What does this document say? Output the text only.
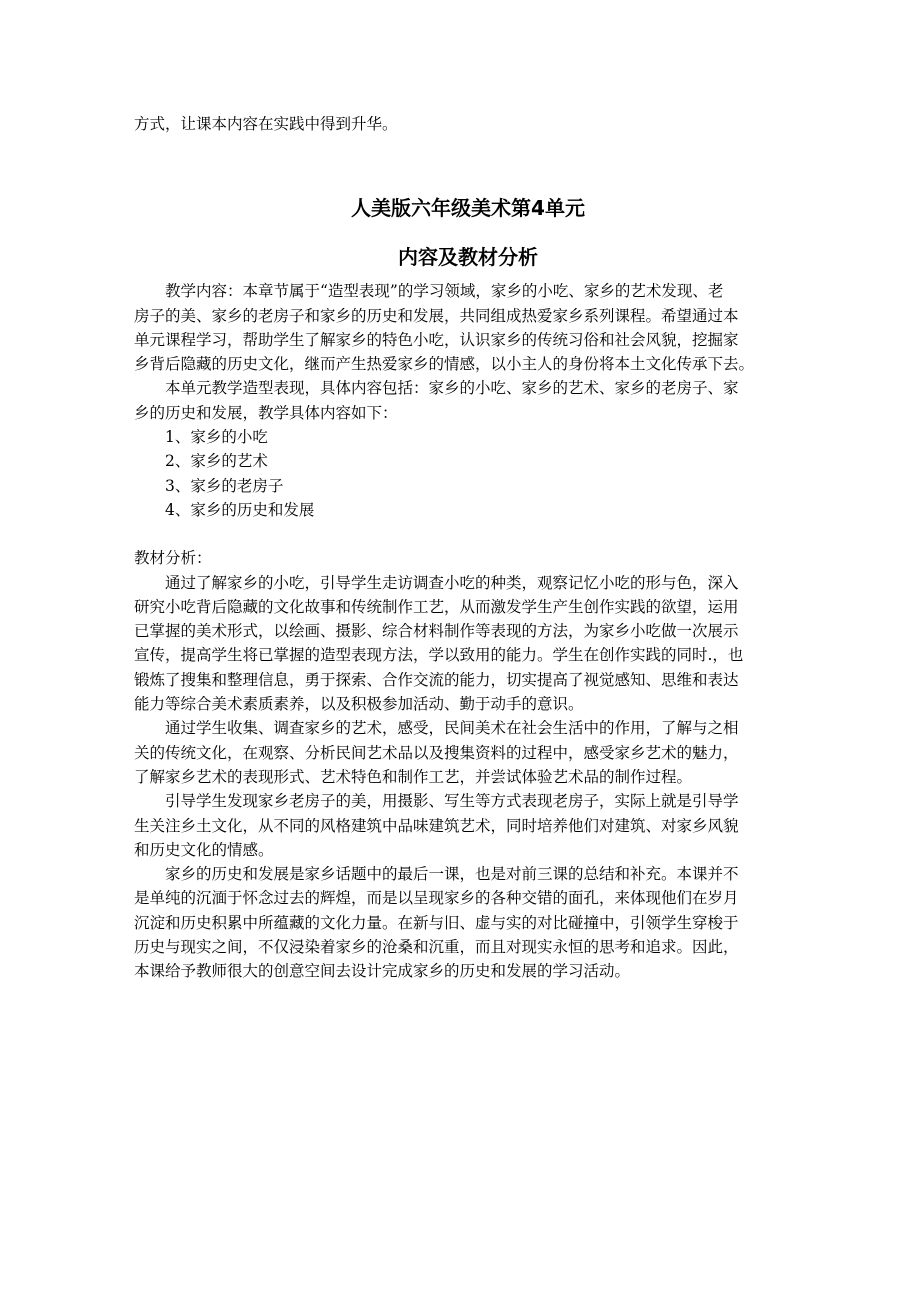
方式，让课本内容在实践中得到升华。
人美版六年级美术第4单元
内容及教材分析
教学内容：本章节属于“造型表现”的学习领域，家乡的小吃、家乡的艺术发现、老
房子的美、家乡的老房子和家乡的历史和发展，共同组成热爱家乡系列课程。希望通过本
单元课程学习，帮助学生了解家乡的特色小吃，认识家乡的传统习俗和社会风貌，挖掘家
乡背后隐藏的历史文化，继而产生热爱家乡的情感，以小主人的身份将本土文化传承下去。
本单元教学造型表现，具体内容包括：家乡的小吃、家乡的艺术、家乡的老房子、家
乡的历史和发展，教学具体内容如下：
1、家乡的小吃
2、家乡的艺术
3、家乡的老房子
4、家乡的历史和发展
教材分析：
通过了解家乡的小吃，引导学生走访调查小吃的种类，观察记忆小吃的形与色，深入
研究小吃背后隐藏的文化故事和传统制作工艺，从而激发学生产生创作实践的欲望，运用
已掌握的美术形式，以绘画、摄影、综合材料制作等表现的方法，为家乡小吃做一次展示
宣传，提高学生将已掌握的造型表现方法，学以致用的能力。学生在创作实践的同时.，也
锻炼了搜集和整理信息，勇于探索、合作交流的能力，切实提高了视觉感知、思维和表达
能力等综合美术素质素养，以及积极参加活动、勤于动手的意识。
通过学生收集、调查家乡的艺术，感受，民间美术在社会生活中的作用，了解与之相
关的传统文化，在观察、分析民间艺术品以及搜集资料的过程中，感受家乡艺术的魅力，
了解家乡艺术的表现形式、艺术特色和制作工艺，并尝试体验艺术品的制作过程。
引导学生发现家乡老房子的美，用摄影、写生等方式表现老房子，实际上就是引导学
生关注乡土文化，从不同的风格建筑中品味建筑艺术，同时培养他们对建筑、对家乡风貌
和历史文化的情感。
家乡的历史和发展是家乡话题中的最后一课，也是对前三课的总结和补充。本课并不
是单纯的沉湎于怀念过去的辉煌，而是以呈现家乡的各种交错的面孔，来体现他们在岁月
沉淀和历史积累中所蕴藏的文化力量。在新与旧、虚与实的对比碰撞中，引领学生穿梭于
历史与现实之间，不仅浸染着家乡的沧桑和沉重，而且对现实永恒的思考和追求。因此，
本课给予教师很大的创意空间去设计完成家乡的历史和发展的学习活动。
